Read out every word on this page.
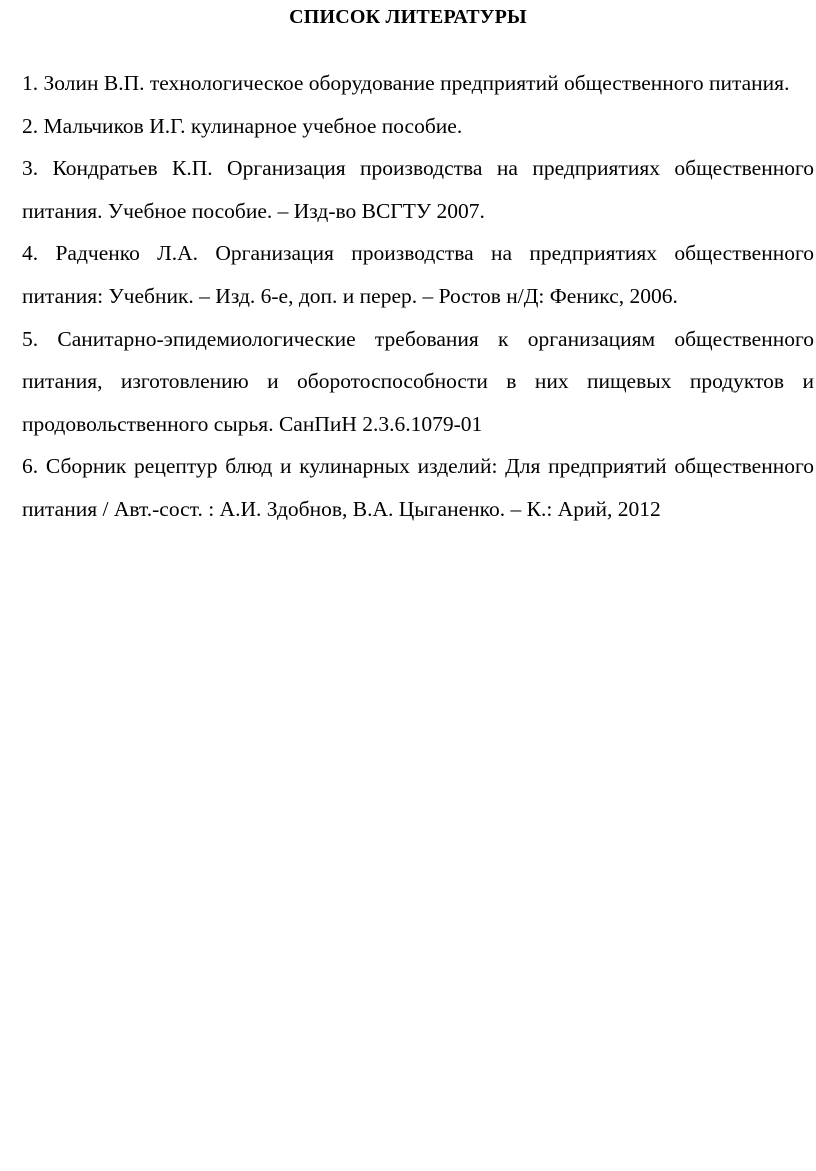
СПИСОК ЛИТЕРАТУРЫ
1. Золин В.П. технологическое оборудование предприятий общественного питания.
2. Мальчиков И.Г. кулинарное учебное пособие.
3. Кондратьев К.П. Организация производства на предприятиях общественного питания. Учебное пособие. – Изд-во ВСГТУ 2007.
4. Радченко Л.А. Организация производства на предприятиях общественного питания: Учебник. – Изд. 6-е, доп. и перер. – Ростов н/Д: Феникс, 2006.
5. Санитарно-эпидемиологические требования к организациям общественного питания, изготовлению и оборотоспособности в них пищевых продуктов и продовольственного сырья. СанПиН 2.3.6.1079-01
6. Сборник рецептур блюд и кулинарных изделий: Для предприятий общественного питания / Авт.-сост. : А.И. Здобнов, В.А. Цыганенко. – К.: Арий, 2012
